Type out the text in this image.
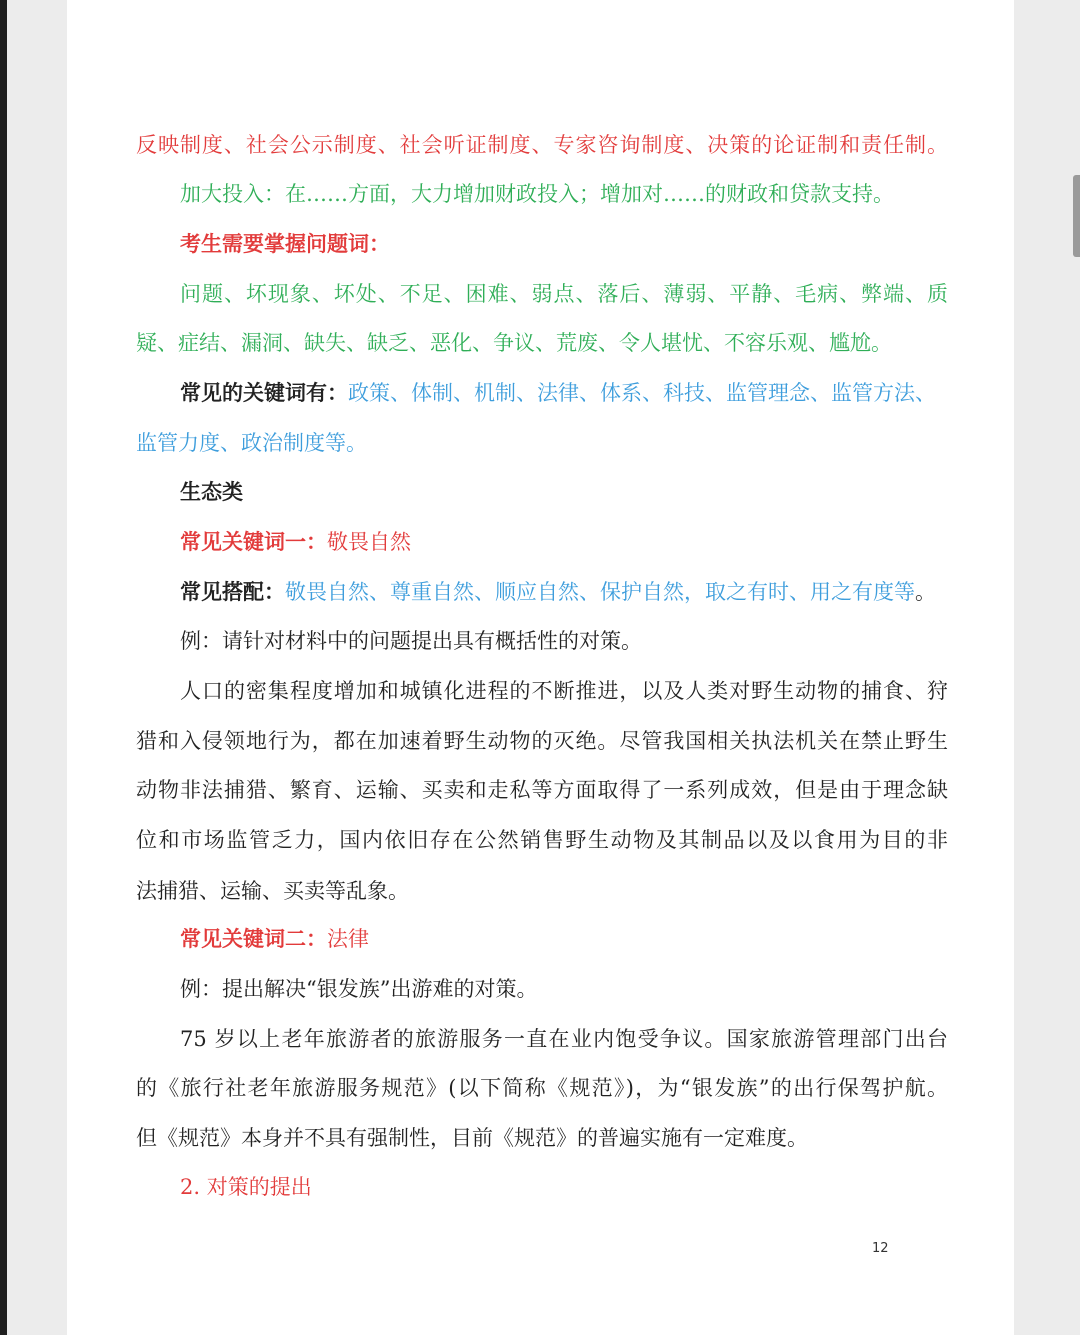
反映制度、社会公示制度、社会听证制度、专家咨询制度、决策的论证制和责任制。
加大投入：在……方面，大力增加财政投入；增加对……的财政和贷款支持。
考生需要掌握问题词：
问题、坏现象、坏处、不足、困难、弱点、落后、薄弱、平静、毛病、弊端、质
疑、症结、漏洞、缺失、缺乏、恶化、争议、荒废、令人堪忧、不容乐观、尴尬。
常见的关键词有：政策、体制、机制、法律、体系、科技、监管理念、监管方法、
监管力度、政治制度等。
生态类
常见关键词一：敬畏自然
常见搭配：敬畏自然、尊重自然、顺应自然、保护自然，取之有时、用之有度等。
例：请针对材料中的问题提出具有概括性的对策。
人口的密集程度增加和城镇化进程的不断推进，以及人类对野生动物的捕食、狩
猎和入侵领地行为，都在加速着野生动物的灭绝。尽管我国相关执法机关在禁止野生
动物非法捕猎、繁育、运输、买卖和走私等方面取得了一系列成效，但是由于理念缺
位和市场监管乏力，国内依旧存在公然销售野生动物及其制品以及以食用为目的非
法捕猎、运输、买卖等乱象。
常见关键词二：法律
例：提出解决“银发族”出游难的对策。
75 岁以上老年旅游者的旅游服务一直在业内饱受争议。国家旅游管理部门出台
的《旅行社老年旅游服务规范》(以下简称《规范》)，为“银发族”的出行保驾护航。
但《规范》本身并不具有强制性，目前《规范》的普遍实施有一定难度。
2. 对策的提出
12
